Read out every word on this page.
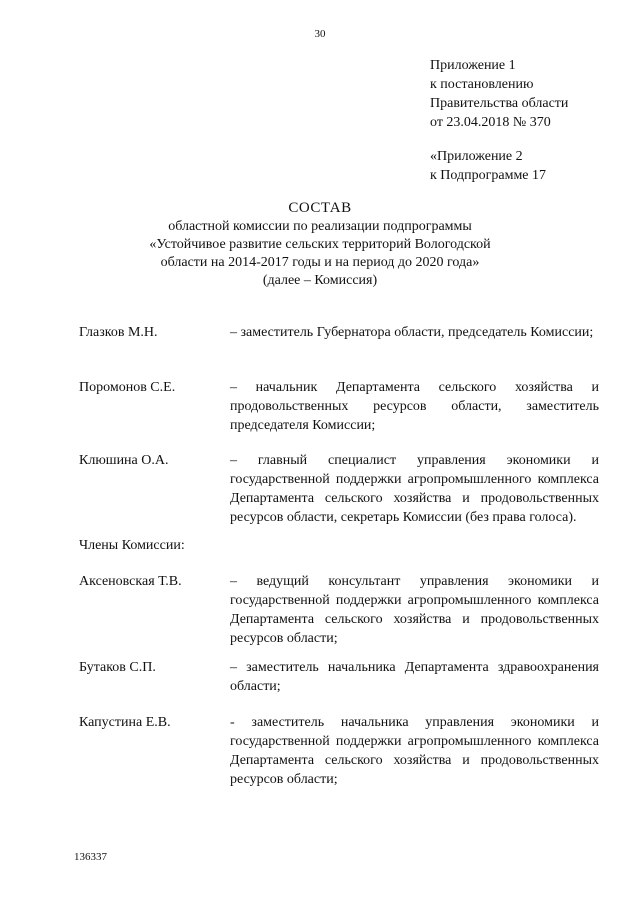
30
Приложение 1
к постановлению
Правительства области
от 23.04.2018 № 370
«Приложение 2
к Подпрограмме 17
СОСТАВ
областной комиссии по реализации подпрограммы
«Устойчивое развитие сельских территорий Вологодской
области на 2014-2017 годы и на период до 2020 года»
(далее – Комиссия)
Глазков М.Н.	– заместитель Губернатора области, председатель Комиссии;
Поромонов С.Е.	– начальник Департамента сельского хозяйства и продовольственных ресурсов области, заместитель председателя Комиссии;
Клюшина О.А.	– главный специалист управления экономики и государственной поддержки агропромышленного комплекса Департамента сельского хозяйства и продовольственных ресурсов области, секретарь Комиссии (без права голоса).
Члены Комиссии:
Аксеновская Т.В.	– ведущий консультант управления экономики и государственной поддержки агропромышленного комплекса Департамента сельского хозяйства и продовольственных ресурсов области;
Бутаков С.П.	– заместитель начальника Департамента здравоохранения области;
Капустина Е.В.	- заместитель начальника управления экономики и государственной поддержки агропромышленного комплекса Департамента сельского хозяйства и продовольственных ресурсов области;
136337
